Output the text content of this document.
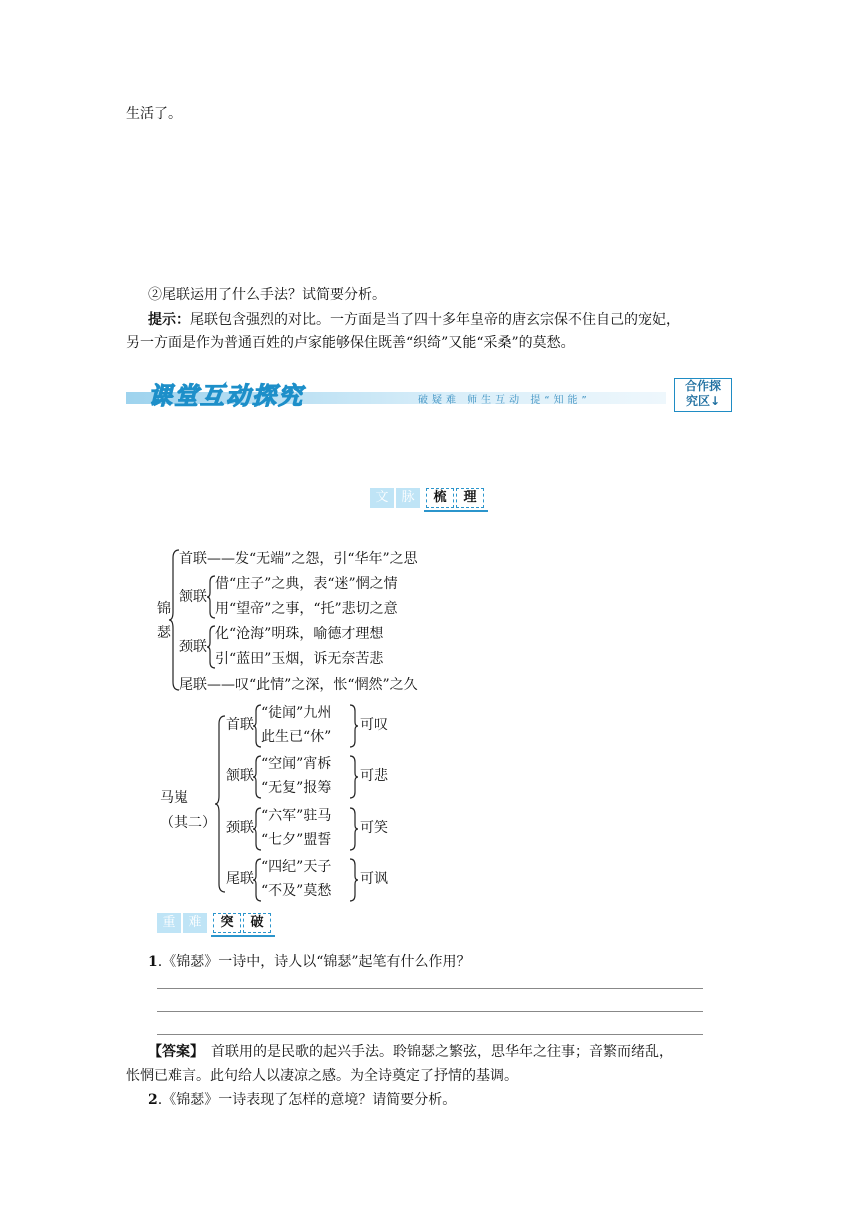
生活了。
②尾联运用了什么手法？试简要分析。
提示：尾联包含强烈的对比。一方面是当了四十多年皇帝的唐玄宗保不住自己的宠妃，
另一方面是作为普通百姓的卢家能够保住既善“织绮”又能“采桑”的莫愁。
课堂互动探究	破疑难 师生互动 提“知能”
合作探
究区↓
文 脉	梳	理
锦
瑟
首联——发“无端”之怨，引“华年”之思
颔联
借“庄子”之典，表“迷”惘之情
用“望帝”之事，“托”悲切之意
颈联
化“沧海”明珠，喻德才理想
引“蓝田”玉烟，诉无奈苦悲
尾联——叹“此情”之深，怅“惘然”之久
马嵬
（其二）
首联
“徒闻”九州
此生已“休”
可叹
颔联
“空闻”宵柝
“无复”报筹
可悲
颈联
“六军”驻马
“七夕”盟誓
可笑
尾联
“四纪”天子
“不及”莫愁
可讽
重 难	突	破
1.《锦瑟》一诗中，诗人以“锦瑟”起笔有什么作用？
【答案】　首联用的是民歌的起兴手法。聆锦瑟之繁弦，思华年之往事；音繁而绪乱，
怅惘已难言。此句给人以凄凉之感。为全诗奠定了抒情的基调。
2.《锦瑟》一诗表现了怎样的意境？请简要分析。
